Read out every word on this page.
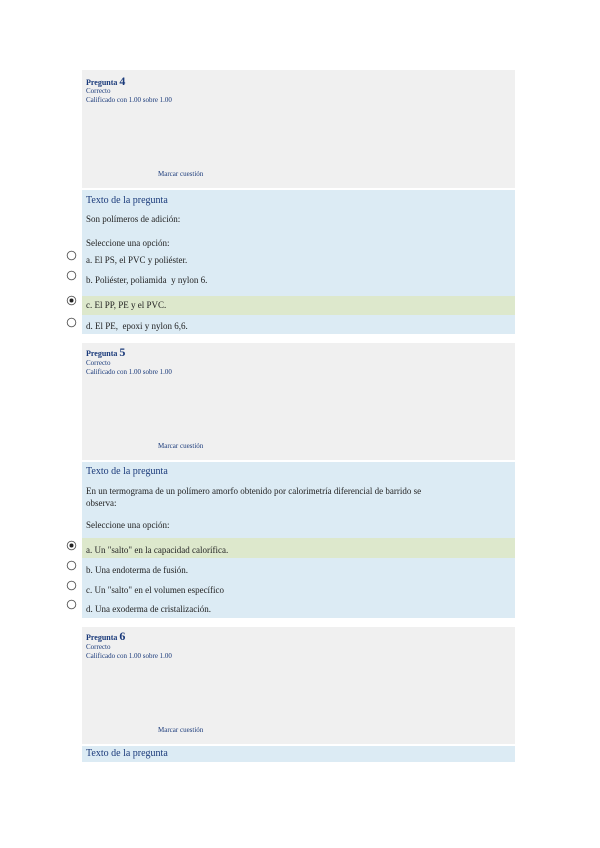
Pregunta 4
Correcto
Calificado con 1.00 sobre 1.00
Marcar cuestión
Texto de la pregunta
Son polímeros de adición:
Seleccione una opción:
a. El PS, el PVC y poliéster.
b. Poliéster, poliamida  y nylon 6.
c. El PP, PE y el PVC.
d. El PE,  epoxi y nylon 6,6.
Pregunta 5
Correcto
Calificado con 1.00 sobre 1.00
Marcar cuestión
Texto de la pregunta
En un termograma de un polímero amorfo obtenido por calorimetría diferencial de barrido se
observa:
Seleccione una opción:
a. Un "salto" en la capacidad calorífica.
b. Una endoterma de fusión.
c. Un "salto" en el volumen específico
d. Una exoderma de cristalización.
Pregunta 6
Correcto
Calificado con 1.00 sobre 1.00
Marcar cuestión
Texto de la pregunta
